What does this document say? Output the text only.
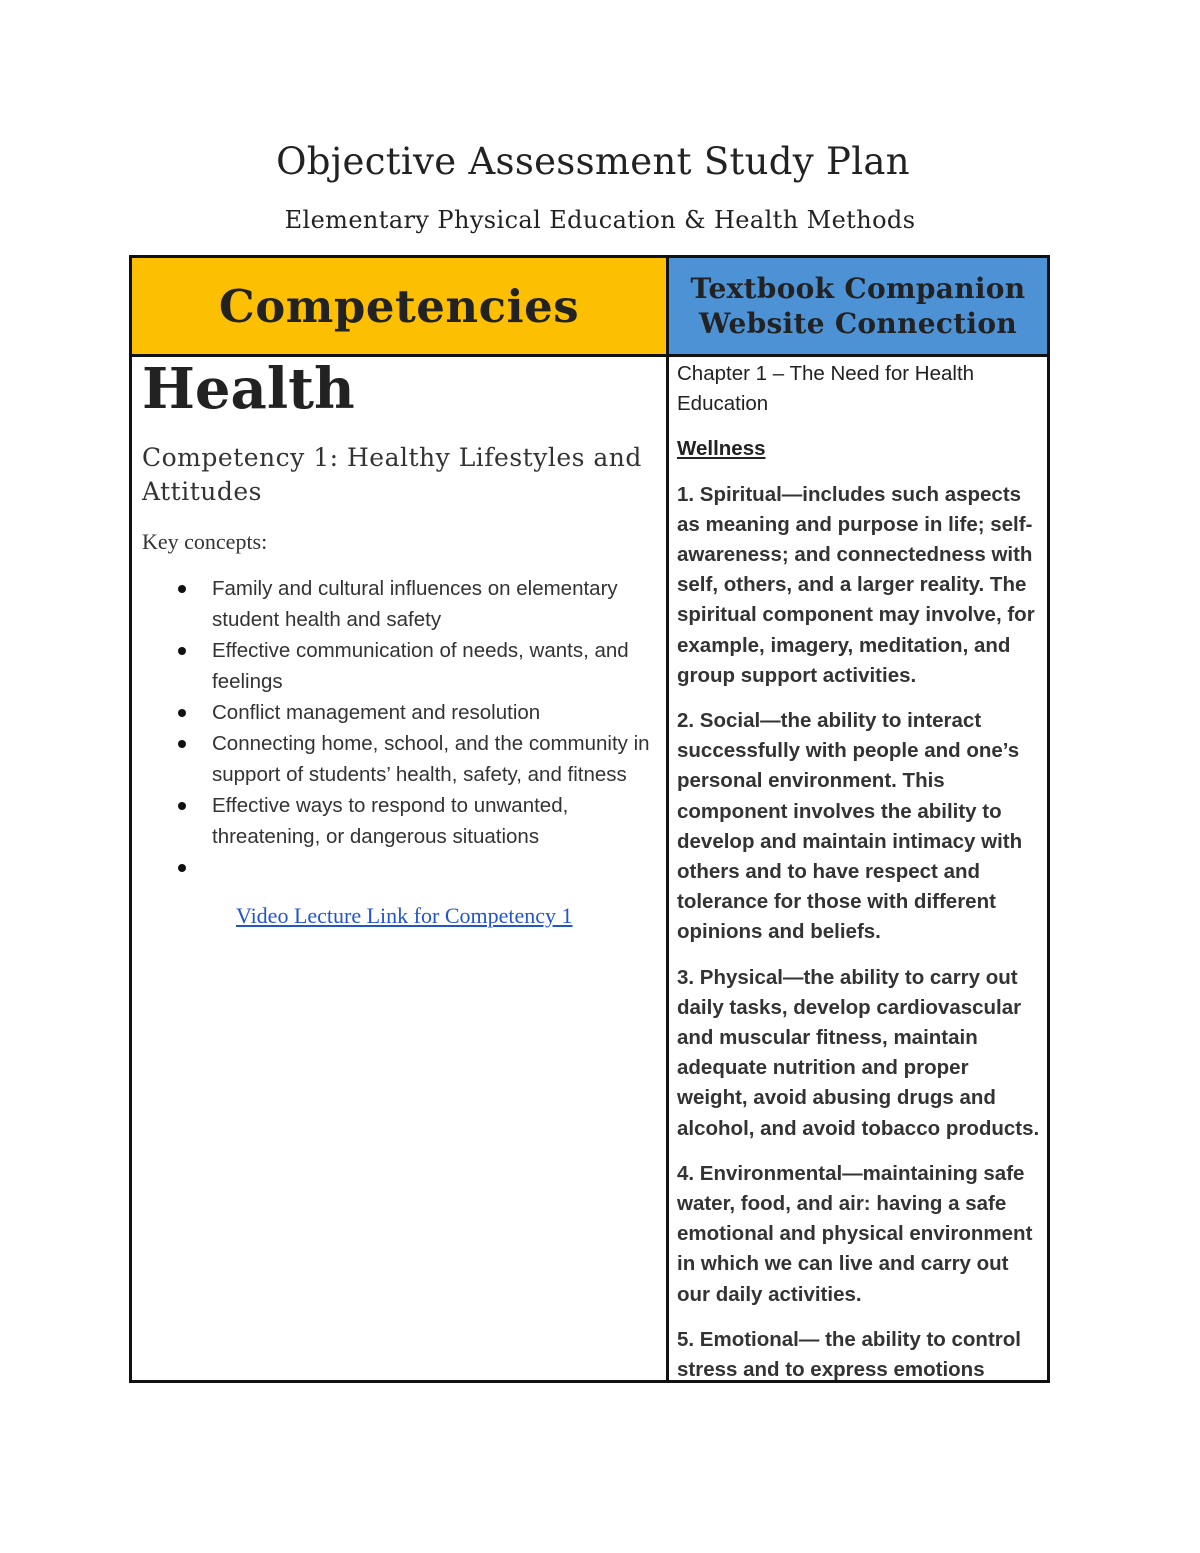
Objective Assessment Study Plan
Elementary Physical Education & Health Methods
Competencies	Textbook Companion Website Connection
Health
Competency 1: Healthy Lifestyles and Attitudes

Key concepts:

Family and cultural influences on elementary student health and safety
Effective communication of needs, wants, and feelings
Conflict management and resolution
Connecting home, school, and the community in support of students’ health, safety, and fitness
Effective ways to respond to unwanted, threatening, or dangerous situations
Video Lecture Link for Competency 1

Chapter 1 – The Need for Health Education

Wellness

1. Spiritual—includes such aspects as meaning and purpose in life; self-awareness; and connectedness with self, others, and a larger reality. The spiritual component may involve, for example, imagery, meditation, and group support activities.

2. Social—the ability to interact successfully with people and one’s personal environment. This component involves the ability to develop and maintain intimacy with others and to have respect and tolerance for those with different opinions and beliefs.

3. Physical—the ability to carry out daily tasks, develop cardiovascular and muscular fitness, maintain adequate nutrition and proper weight, avoid abusing drugs and alcohol, and avoid tobacco products.

4. Environmental—maintaining safe water, food, and air: having a safe emotional and physical environment in which we can live and carry out our daily activities.

5. Emotional— the ability to control stress and to express emotions
